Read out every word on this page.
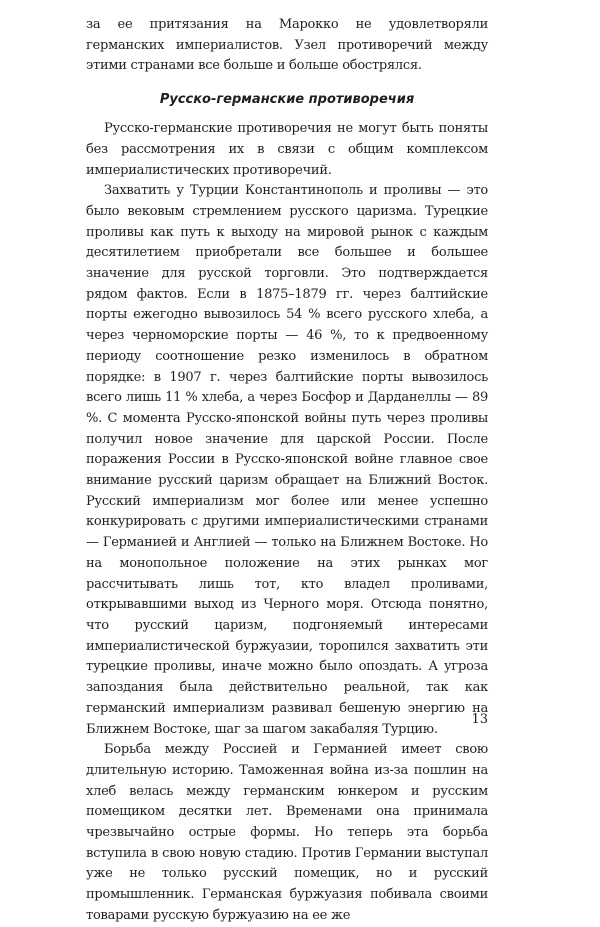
за ее притязания на Марокко не удовлетворяли германских империалистов. Узел противоречий между этими странами все больше и больше обострялся.

Русско-германские противоречия

Русско-германские противоречия не могут быть поняты без рассмотрения их в связи с общим комплексом империалистических противоречий.

Захватить у Турции Константинополь и проливы — это было вековым стремлением русского царизма. Турецкие проливы как путь к выходу на мировой рынок с каждым десятилетием приобретали все большее и большее значение для русской торговли. Это подтверждается рядом фактов. Если в 1875–1879 гг. через балтийские порты ежегодно вывозилось 54 % всего русского хлеба, а через черноморские порты — 46 %, то к предвоенному периоду соотношение резко изменилось в обратном порядке: в 1907 г. через балтийские порты вывозилось всего лишь 11 % хлеба, а через Босфор и Дарданеллы — 89 %. С момента Русско-японской войны путь через проливы получил новое значение для царской России. После поражения России в Русско-японской войне главное свое внимание русский царизм обращает на Ближний Восток. Русский империализм мог более или менее успешно конкурировать с другими империалистическими странами — Германией и Англией — только на Ближнем Востоке. Но на монопольное положение на этих рынках мог рассчитывать лишь тот, кто владел проливами, открывавшими выход из Черного моря. Отсюда понятно, что русский царизм, подгоняемый интересами империалистической буржуазии, торопился захватить эти турецкие проливы, иначе можно было опоздать. А угроза запоздания была действительно реальной, так как германский империализм развивал бешеную энергию на Ближнем Востоке, шаг за шагом закабаляя Турцию.

Борьба между Россией и Германией имеет свою длительную историю. Таможенная война из-за пошлин на хлеб велась между германским юнкером и русским помещиком десятки лет. Временами она принимала чрезвычайно острые формы. Но теперь эта борьба вступила в свою новую стадию. Против Германии выступал уже не только русский помещик, но и русский промышленник. Германская буржуазия побивала своими товарами русскую буржуазию на ее же

13
